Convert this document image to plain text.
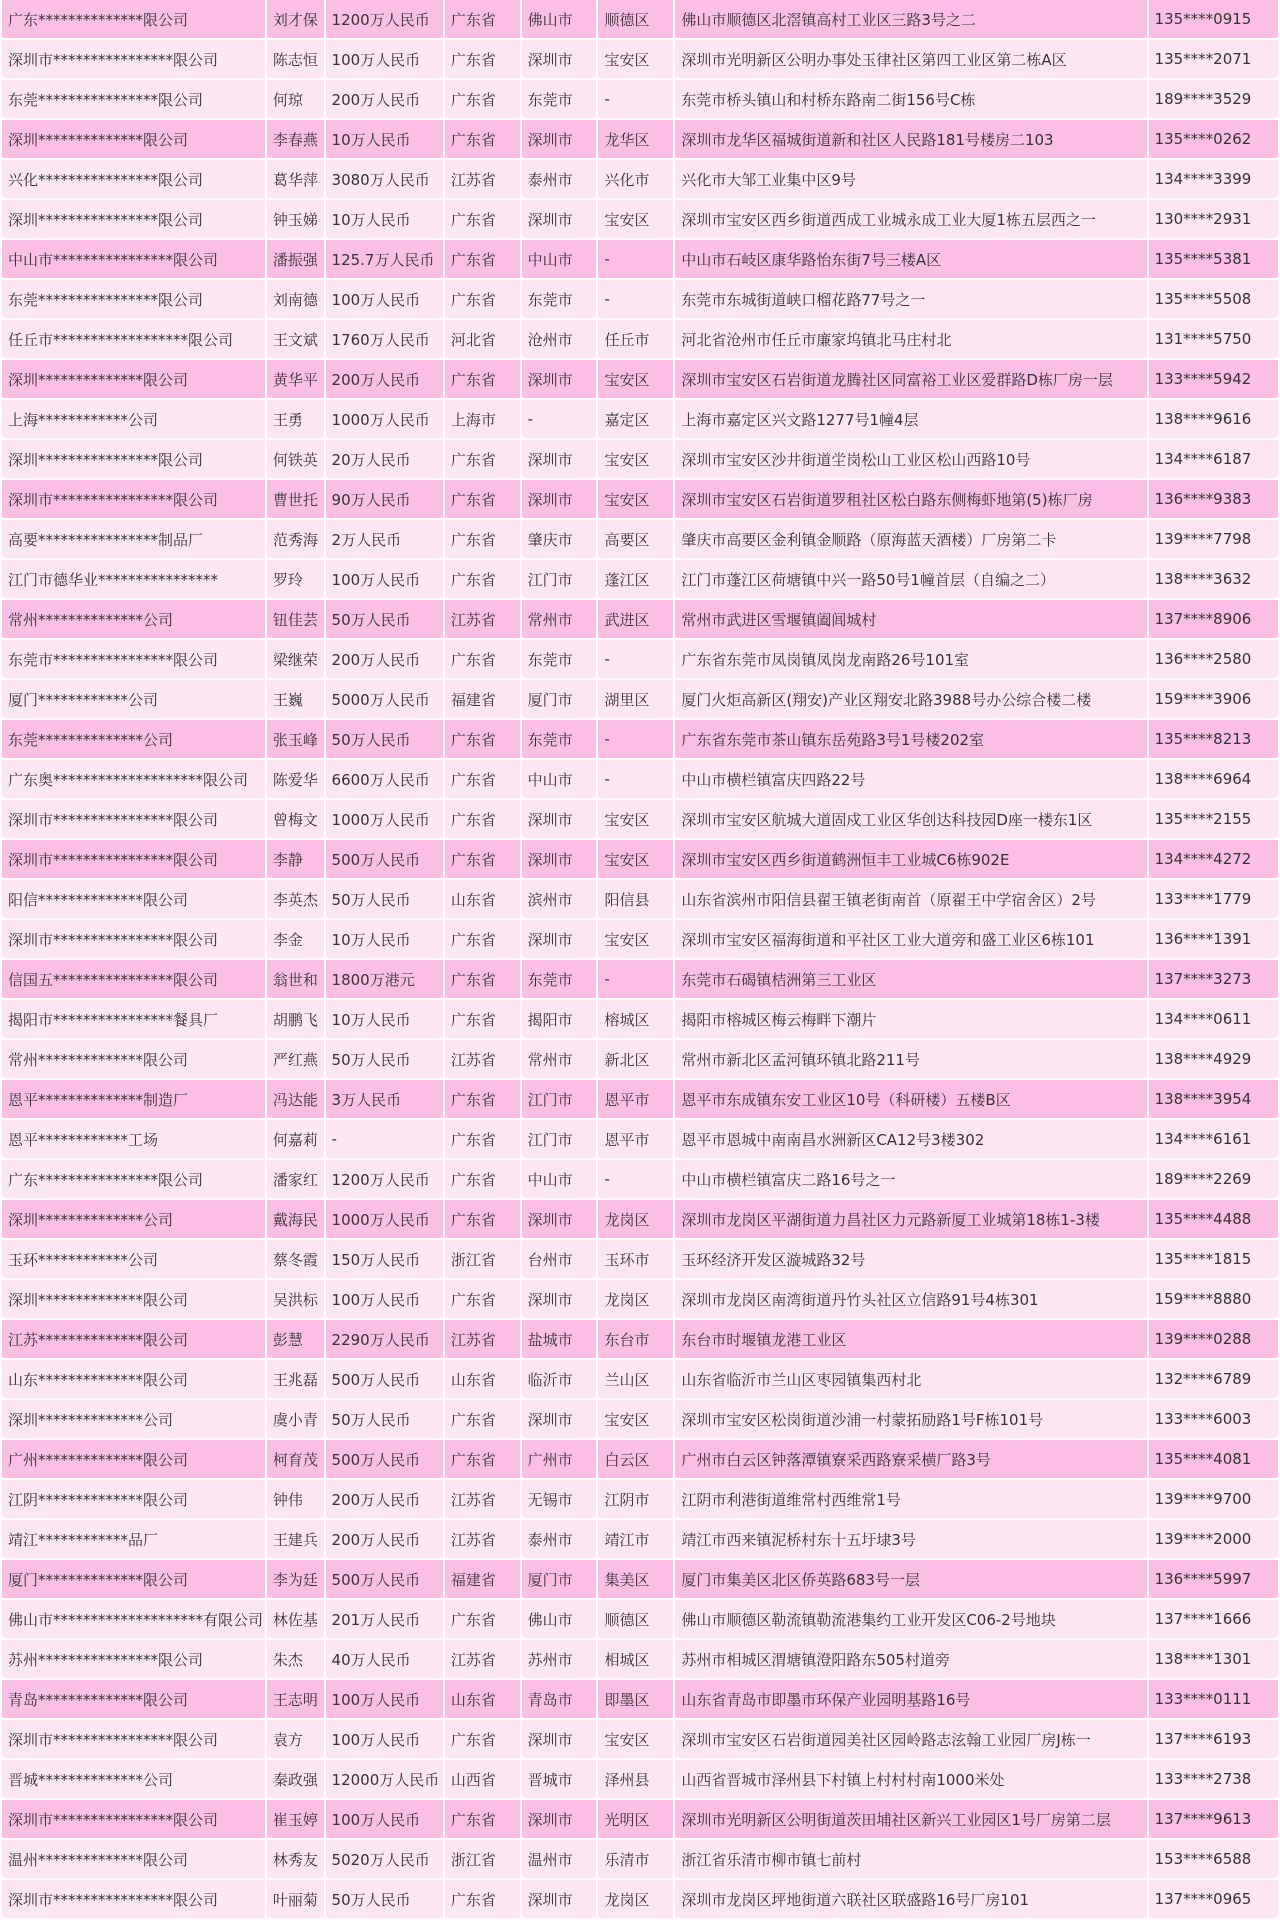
广东**************限公司	刘才保	1200万人民币	广东省	佛山市	顺德区	佛山市顺德区北滘镇高村工业区三路3号之二	135****0915
深圳市****************限公司	陈志恒	100万人民币	广东省	深圳市	宝安区	深圳市光明新区公明办事处玉律社区第四工业区第二栋A区	135****2071
东莞****************限公司	何琼	200万人民币	广东省	东莞市	-	东莞市桥头镇山和村桥东路南二街156号C栋	189****3529
深圳**************限公司	李春燕	10万人民币	广东省	深圳市	龙华区	深圳市龙华区福城街道新和社区人民路181号楼房二103	135****0262
兴化****************限公司	葛华萍	3080万人民币	江苏省	泰州市	兴化市	兴化市大邹工业集中区9号	134****3399
深圳****************限公司	钟玉娣	10万人民币	广东省	深圳市	宝安区	深圳市宝安区西乡街道西成工业城永成工业大厦1栋五层西之一	130****2931
中山市****************限公司	潘振强	125.7万人民币	广东省	中山市	-	中山市石岐区康华路怡东街7号三楼A区	135****5381
东莞****************限公司	刘南德	100万人民币	广东省	东莞市	-	东莞市东城街道峡口榴花路77号之一	135****5508
任丘市******************限公司	王文斌	1760万人民币	河北省	沧州市	任丘市	河北省沧州市任丘市廉家坞镇北马庄村北	131****5750
深圳**************限公司	黄华平	200万人民币	广东省	深圳市	宝安区	深圳市宝安区石岩街道龙腾社区同富裕工业区爱群路D栋厂房一层	133****5942
上海************公司	王勇	1000万人民币	上海市	-	嘉定区	上海市嘉定区兴文路1277号1幢4层	138****9616
深圳****************限公司	何铁英	20万人民币	广东省	深圳市	宝安区	深圳市宝安区沙井街道坣岗松山工业区松山西路10号	134****6187
深圳市****************限公司	曹世托	90万人民币	广东省	深圳市	宝安区	深圳市宝安区石岩街道罗租社区松白路东侧梅虾地第(5)栋厂房	136****9383
高要****************制品厂	范秀海	2万人民币	广东省	肇庆市	高要区	肇庆市高要区金利镇金顺路（原海蓝天酒楼）厂房第二卡	139****7798
江门市德华业****************	罗玲	100万人民币	广东省	江门市	蓬江区	江门市蓬江区荷塘镇中兴一路50号1幢首层（自编之二）	138****3632
常州**************公司	钮佳芸	50万人民币	江苏省	常州市	武进区	常州市武进区雪堰镇阖闾城村	137****8906
东莞市****************限公司	梁继荣	200万人民币	广东省	东莞市	-	广东省东莞市凤岗镇凤岗龙南路26号101室	136****2580
厦门************公司	王巍	5000万人民币	福建省	厦门市	湖里区	厦门火炬高新区(翔安)产业区翔安北路3988号办公综合楼二楼	159****3906
东莞**************公司	张玉峰	50万人民币	广东省	东莞市	-	广东省东莞市茶山镇东岳苑路3号1号楼202室	135****8213
广东奥********************限公司	陈爱华	6600万人民币	广东省	中山市	-	中山市横栏镇富庆四路22号	138****6964
深圳市****************限公司	曾梅文	1000万人民币	广东省	深圳市	宝安区	深圳市宝安区航城大道固戍工业区华创达科技园D座一楼东1区	135****2155
深圳市****************限公司	李静	500万人民币	广东省	深圳市	宝安区	深圳市宝安区西乡街道鹤洲恒丰工业城C6栋902E	134****4272
阳信**************限公司	李英杰	50万人民币	山东省	滨州市	阳信县	山东省滨州市阳信县翟王镇老街南首（原翟王中学宿舍区）2号	133****1779
深圳市****************限公司	李金	10万人民币	广东省	深圳市	宝安区	深圳市宝安区福海街道和平社区工业大道旁和盛工业区6栋101	136****1391
信国五****************限公司	翁世和	1800万港元	广东省	东莞市	-	东莞市石碣镇桔洲第三工业区	137****3273
揭阳市****************餐具厂	胡鹏飞	10万人民币	广东省	揭阳市	榕城区	揭阳市榕城区梅云梅畔下潮片	134****0611
常州**************限公司	严红燕	50万人民币	江苏省	常州市	新北区	常州市新北区孟河镇环镇北路211号	138****4929
恩平**************制造厂	冯达能	3万人民币	广东省	江门市	恩平市	恩平市东成镇东安工业区10号（科研楼）五楼B区	138****3954
恩平************工场	何嘉莉	-	广东省	江门市	恩平市	恩平市恩城中南南昌水洲新区CA12号3楼302	134****6161
广东****************限公司	潘家红	1200万人民币	广东省	中山市	-	中山市横栏镇富庆二路16号之一	189****2269
深圳**************公司	戴海民	1000万人民币	广东省	深圳市	龙岗区	深圳市龙岗区平湖街道力昌社区力元路新厦工业城第18栋1-3楼	135****4488
玉环************公司	蔡冬霞	150万人民币	浙江省	台州市	玉环市	玉环经济开发区漩城路32号	135****1815
深圳**************限公司	吴洪标	100万人民币	广东省	深圳市	龙岗区	深圳市龙岗区南湾街道丹竹头社区立信路91号4栋301	159****8880
江苏**************限公司	彭慧	2290万人民币	江苏省	盐城市	东台市	东台市时堰镇龙港工业区	139****0288
山东**************限公司	王兆磊	500万人民币	山东省	临沂市	兰山区	山东省临沂市兰山区枣园镇集西村北	132****6789
深圳**************公司	虞小青	50万人民币	广东省	深圳市	宝安区	深圳市宝安区松岗街道沙浦一村蒙拓励路1号F栋101号	133****6003
广州**************限公司	柯育茂	500万人民币	广东省	广州市	白云区	广州市白云区钟落潭镇寮采西路寮采横厂路3号	135****4081
江阴**************限公司	钟伟	200万人民币	江苏省	无锡市	江阴市	江阴市利港街道维常村西维常1号	139****9700
靖江************品厂	王建兵	200万人民币	江苏省	泰州市	靖江市	靖江市西来镇泥桥村东十五圩埭3号	139****2000
厦门**************限公司	李为廷	500万人民币	福建省	厦门市	集美区	厦门市集美区北区侨英路683号一层	136****5997
佛山市********************有限公司	林佐基	201万人民币	广东省	佛山市	顺德区	佛山市顺德区勒流镇勒流港集约工业开发区C06-2号地块	137****1666
苏州****************限公司	朱杰	40万人民币	江苏省	苏州市	相城区	苏州市相城区渭塘镇澄阳路东505村道旁	138****1301
青岛**************限公司	王志明	100万人民币	山东省	青岛市	即墨区	山东省青岛市即墨市环保产业园明基路16号	133****0111
深圳市****************限公司	袁方	100万人民币	广东省	深圳市	宝安区	深圳市宝安区石岩街道园美社区园岭路志泫翰工业园厂房J栋一	137****6193
晋城**************公司	秦政强	12000万人民币	山西省	晋城市	泽州县	山西省晋城市泽州县下村镇上村村村南1000米处	133****2738
深圳市****************限公司	崔玉婷	100万人民币	广东省	深圳市	光明区	深圳市光明新区公明街道茨田埔社区新兴工业园区1号厂房第二层	137****9613
温州**************限公司	林秀友	5020万人民币	浙江省	温州市	乐清市	浙江省乐清市柳市镇七前村	153****6588
深圳市****************限公司	叶丽菊	50万人民币	广东省	深圳市	龙岗区	深圳市龙岗区坪地街道六联社区联盛路16号厂房101	137****0965
